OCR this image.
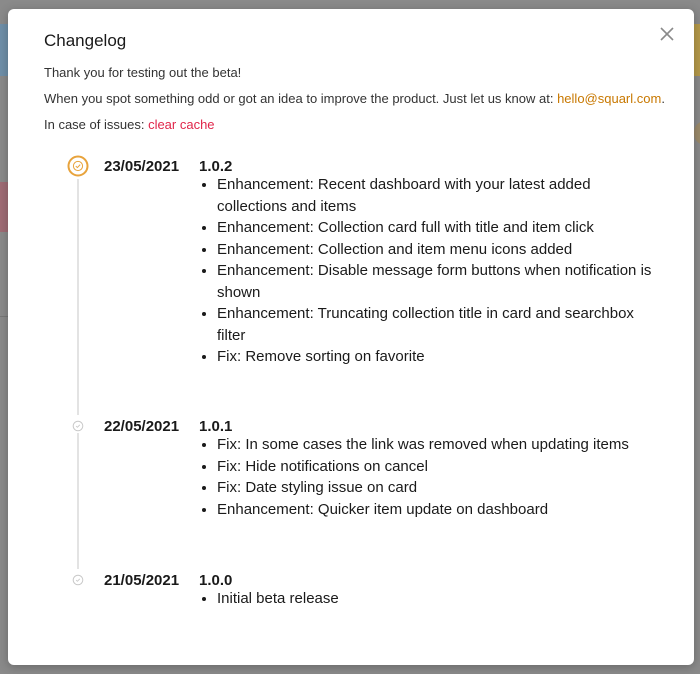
Changelog

Thank you for testing out the beta!

When you spot something odd or got an idea to improve the product. Just let us know at: hello@squarl.com.

In case of issues: clear cache

23/05/2021 1.0.2
• Enhancement: Recent dashboard with your latest added collections and items
• Enhancement: Collection card full with title and item click
• Enhancement: Collection and item menu icons added
• Enhancement: Disable message form buttons when notification is shown
• Enhancement: Truncating collection title in card and searchbox filter
• Fix: Remove sorting on favorite
22/05/2021 1.0.1
• Fix: In some cases the link was removed when updating items
• Fix: Hide notifications on cancel
• Fix: Date styling issue on card
• Enhancement: Quicker item update on dashboard
21/05/2021 1.0.0
• Initial beta release
